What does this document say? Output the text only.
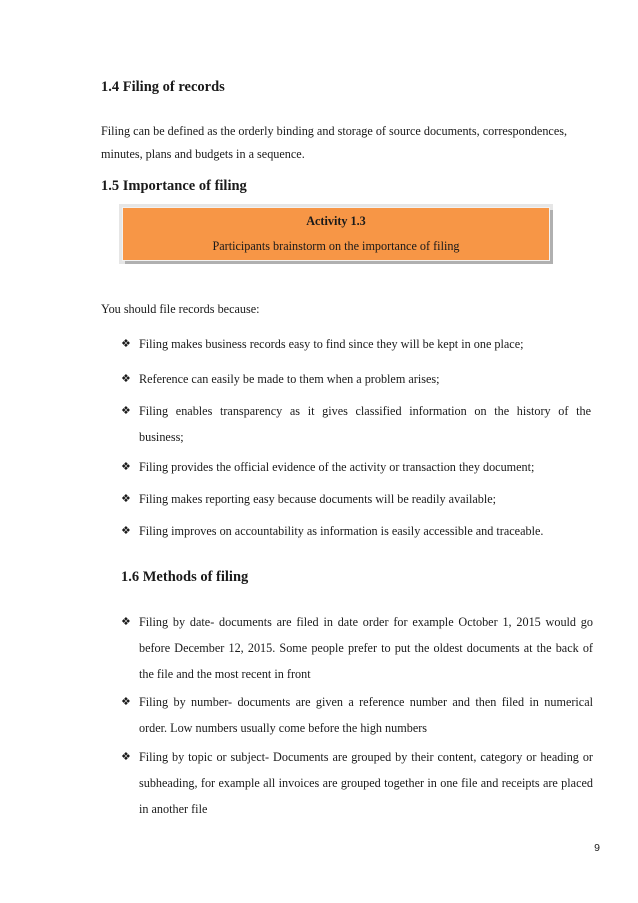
1.4 Filing of records
Filing can be defined as the orderly binding and storage of source documents, correspondences,
minutes, plans and budgets in a sequence.
1.5 Importance of filing
Activity 1.3
Participants brainstorm on the importance of filing
You should file records because:
❖ Filing makes business records easy to find since they will be kept in one place;
❖ Reference can easily be made to them when a problem arises;
❖ Filing enables transparency as it gives classified information on the history of the business;
❖ Filing provides the official evidence of the activity or transaction they document;
❖ Filing makes reporting easy because documents will be readily available;
❖ Filing improves on accountability as information is easily accessible and traceable.
1.6 Methods of filing
❖ Filing by date- documents are filed in date order for example October 1, 2015 would go before December 12, 2015. Some people prefer to put the oldest documents at the back of the file and the most recent in front
❖ Filing by number- documents are given a reference number and then filed in numerical order. Low numbers usually come before the high numbers
❖ Filing by topic or subject- Documents are grouped by their content, category or heading or subheading, for example all invoices are grouped together in one file and receipts are placed in another file
9
